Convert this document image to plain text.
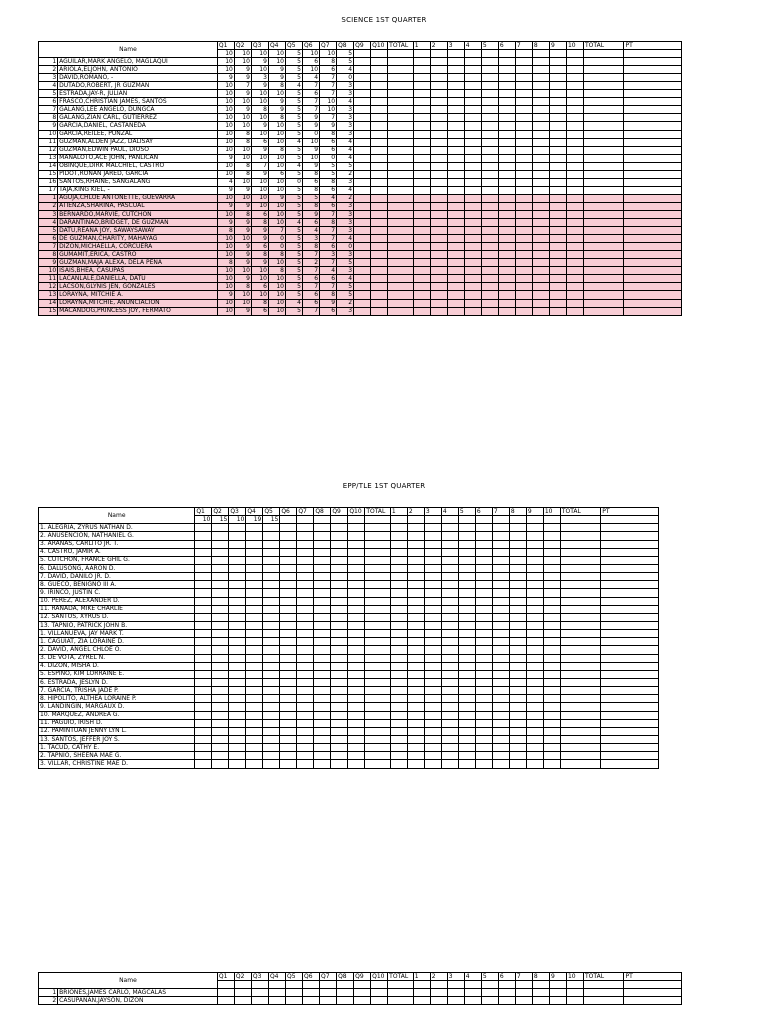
SCIENCE 1ST QUARTER
Name		Q1	Q2	Q3	Q4	Q5	Q6	Q7	Q8	Q9	Q10	TOTAL	1	2	3	4	5	6	7	8	9	10	TOTAL	PT
		10	10	10	10	5	10	10	5															
1	AGUILAR,MARK ANGELO, MAGLAQUI	10	10	9	10	5	6	8	5															
2	ARIOLA,ELJOHN, ANTONIO	10	9	10	9	5	10	6	4															
3	DAVID,ROMANO, -	9	9	3	9	5	4	7	0															
4	DUTADO,ROBERT, JR GUZMAN	10	7	9	8	4	7	7	3															
5	ESTRADA,JAY-R, JULIAN	10	9	10	10	5	6	7	3															
6	FRASCO,CHRISTIAN JAMES, SANTOS	10	10	10	9	5	7	10	4															
7	GALANG,LEE ANGELO, DUNGCA	10	9	8	9	5	7	10	3															
8	GALANG,ZIAN CARL, GUTIERREZ	10	10	10	8	5	9	7	3															
9	GARCIA,DANIEL, CASTAÑEDA	10	10	9	10	5	9	9	3															
10	GARCIA,REILEE, PUNZAL	10	8	10	10	5	0	8	3															
11	GUZMAN,ALDEN JAZZ, DALISAY	10	8	6	10	4	10	6	4															
12	GUZMAN,EDWIN PAUL, DIOSO	10	10	9	8	5	9	6	4															
13	MANALOTO,ACE JOHN, PANLICAN	9	10	10	10	5	10	0	4															
14	OBINQUE,DIRK MALCHIEL, CASTRO	10	8	7	10	4	9	5	5															
15	PIDOT,RONAN JARED, GARCIA	10	8	9	6	5	8	5	2															
16	SANTOS,RHAINE, SANGALANG	4	10	10	10	0	6	8	3															
17	TAJA,KING KIEL, -	9	9	10	10	5	8	6	4															
1	AGUJA,CHLOE ANTONETTE, GUEVARRA	10	10	10	9	5	5	4	2															
2	ATIENZA,SHARINA, PASCUAL	9	9	10	10	5	8	6	3															
3	BERNARDO,MARVIE, CUTCHON	10	8	6	10	5	9	7	3															
4	DARANTINAO,BRIDGET, DE GUZMAN	9	9	8	10	4	6	8	3															
5	DATU,REANA JOY, SAWAYSAWAY	8	9	9	7	5	4	7	3															
6	DE GUZMAN,CHARITY, MAHAYAG	10	10	9	0	5	3	7	4															
7	DIZON,MICHAELLA, CORCUERA	10	9	6	0	5	8	6	0															
8	GUMAMIT,ERICA, CASTRO	10	9	8	8	5	7	3	3															
9	GUZMAN,MAJA ALEXA, DELA PEÑA	8	9	9	10	5	2	7	5															
10	ISAIS,BHEA, CASUPAS	10	10	10	8	5	7	4	3															
11	LACANLALE,DANIELLA, DATU	10	9	10	10	5	6	6	4															
12	LACSON,GLYNIS JEN, GONZALES	10	8	6	10	5	7	7	5															
13	LORAYNA, MITCHIE A.	9	10	10	10	5	6	8	5															
14	LORAYNA,MITCHIE, ANUNCIACION	10	10	8	10	4	6	9	2															
15	MACANDOG,PRINCESS JOY, FERMATO	10	9	6	10	5	7	6	3															
EPP/TLE 1ST QUARTER
Name	Q1	Q2	Q3	Q4	Q5	Q6	Q7	Q8	Q9	Q10	TOTAL	1	2	3	4	5	6	7	8	9	10	TOTAL	PT
	10	15	10	19	15																		
1. ALEGRIA, ZYRUS NATHAN D.																							
2. ANUSENCION, NATHANIEL G.																							
3. ARAÑAS, CARLITO JR. T.																							
4. CASTRO, JAMIR A.																							
5. CUTCHON, FRANCE GHIL G.																							
6. DALUSONG, AARON D.																							
7. DAVID, DANILO JR. D.																							
8. GUECO, BENIGNO III A.																							
9. IRINCO, JUSTIN C.																							
10. PEREZ, ALEXANDER D.																							
11. RANADA, MIKE CHARLIE																							
12. SANTOS, XYRUS D.																							
13. TAPNIO, PATRICK JOHN B.																							
1. VILLANUEVA, JAY MARK T.																							
1. CAGUIAT, ZIA LORAINE D.																							
2. DAVID, ANGEL CHLOE O.																							
3. DE VOTA, ZYREL N.																							
4. DIZON, MISHA D.																							
5. ESPINO, KIM LORRAINE E.																							
6. ESTRADA, JESLYN D.																							
7. GARCIA, TRISHA JADE P.																							
8. HIPOLITO, ALTHEA LORAINE P.																							
9. LANDINGIN, MARGAUX D.																							
10. MARQUEZ, ANDREA G.																							
11. PAGUIO, IRISH D.																							
12. PAMINTUAN JENNY LYN L.																							
13. SANTOS, JEFFER JOY S.																							
1. TACUD, CATHY E.																							
2. TAPNIO, SHEENA MAE G.																							
3. VILLAR, CHRISTINE MAE D.																							
Name		Q1	Q2	Q3	Q4	Q5	Q6	Q7	Q8	Q9	Q10	TOTAL	1	2	3	4	5	6	7	8	9	10	TOTAL	PT

1	BRIONES,JAMES CARLO, MAGCALAS																							
2	CASUPANAN,JAYSON, DIZON																							
